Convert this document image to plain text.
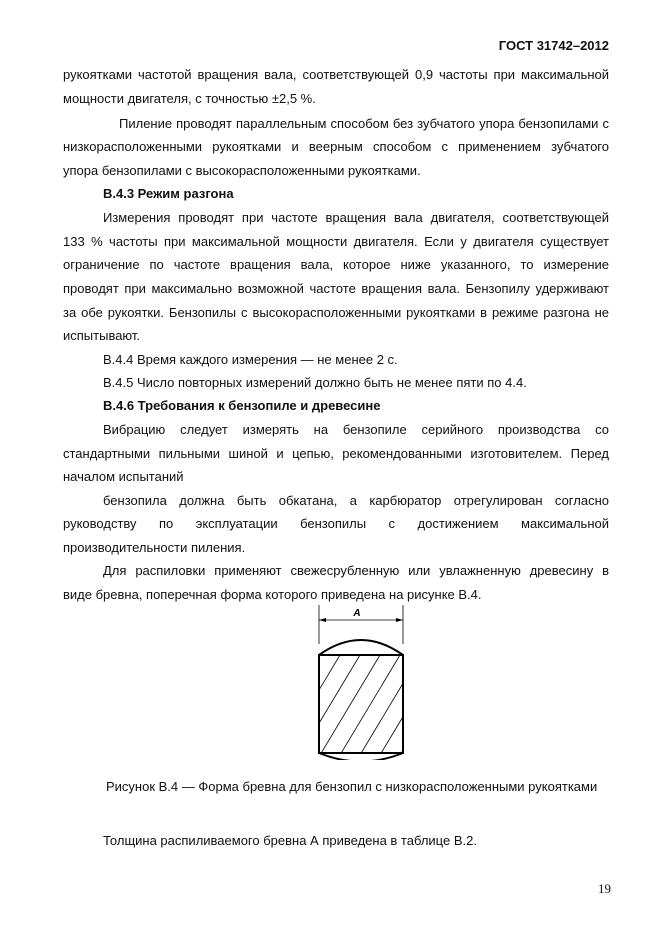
ГОСТ 31742–2012
рукоятками частотой вращения вала, соответствующей 0,9 частоты при максимальной
мощности двигателя, с точностью ±2,5 %.
Пиление проводят параллельным способом без зубчатого упора бензопилами с
низкорасположенными рукоятками и веерным способом с применением зубчатого
упора бензопилами с высокорасположенными рукоятками.
В.4.3 Режим разгона
Измерения проводят при частоте вращения вала двигателя, соответствующей
133 % частоты при максимальной мощности двигателя. Если у двигателя существует
ограничение по частоте вращения вала, которое ниже указанного, то измерение
проводят при максимально возможной частоте вращения вала. Бензопилу удерживают
за обе рукоятки. Бензопилы с высокорасположенными рукоятками в режиме разгона не
испытывают.
В.4.4 Время каждого измерения — не менее 2 с.
В.4.5 Число повторных измерений должно быть не менее пяти по 4.4.
В.4.6 Требования к бензопиле и древесине
Вибрацию следует измерять на бензопиле серийного производства со
стандартными пильными шиной и цепью, рекомендованными изготовителем. Перед
началом испытаний
бензопила должна быть обкатана, а карбюратор отрегулирован согласно
руководству по эксплуатации бензопилы с достижением максимальной
производительности пиления.
Для распиловки применяют свежесрубленную или увлажненную древесину в
виде бревна, поперечная форма которого приведена на рисунке В.4.
А
Рисунок В.4 — Форма бревна для бензопил с низкорасположенными рукоятками
Толщина распиливаемого бревна А приведена в таблице В.2.
19
